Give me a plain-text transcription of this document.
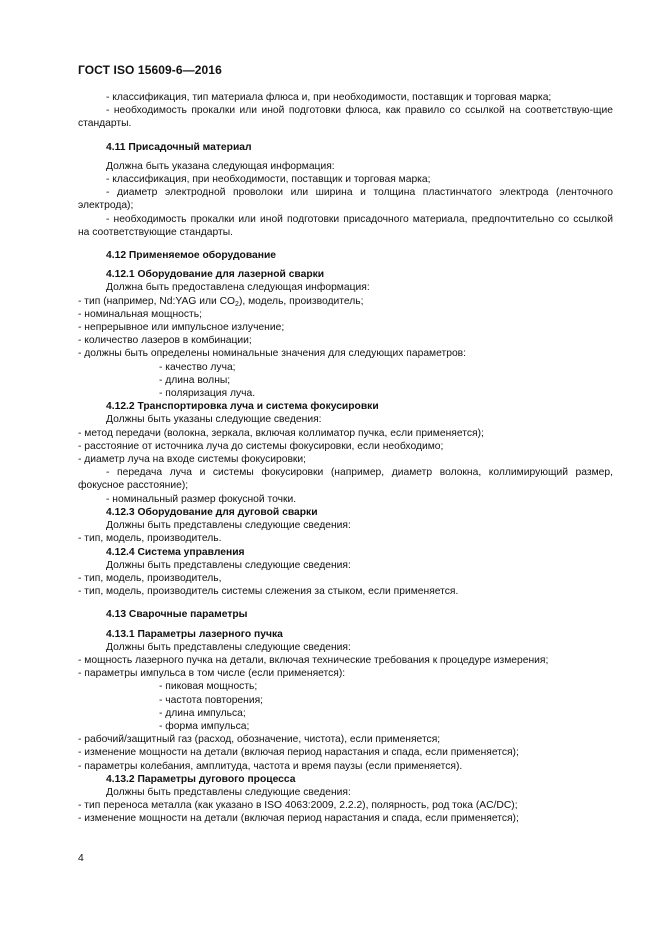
ГОСТ ISO 15609-6—2016

- классификация, тип материала флюса и, при необходимости, поставщик и торговая марка;

- необходимость прокалки или иной подготовки флюса, как правило со ссылкой на соответствую-щие стандарты.

4.11 Присадочный материал

Должна быть указана следующая информация:

- классификация, при необходимости, поставщик и торговая марка;

- диаметр электродной проволоки или ширина и толщина пластинчатого электрода (ленточного электрода);

- необходимость прокалки или иной подготовки присадочного материала, предпочтительно со ссылкой на соответствующие стандарты.

4.12 Применяемое оборудование

4.12.1 Оборудование для лазерной сварки

Должна быть предоставлена следующая информация:

- тип (например, Nd:YAG или $CO_2$), модель, производитель;

- номинальная мощность;

- непрерывное или импульсное излучение;

- количество лазеров в комбинации;

- должны быть определены номинальные значения для следующих параметров:

- качество луча;

- длина волны;

- поляризация луча.

4.12.2 Транспортировка луча и система фокусировки

Должны быть указаны следующие сведения:

- метод передачи (волокна, зеркала, включая коллиматор пучка, если применяется);

- расстояние от источника луча до системы фокусировки, если необходимо;

- диаметр луча на входе системы фокусировки;

- передача луча и системы фокусировки (например, диаметр волокна, коллимирующий размер, фокусное расстояние);

- номинальный размер фокусной точки.

4.12.3 Оборудование для дуговой сварки

Должны быть представлены следующие сведения:

- тип, модель, производитель.

4.12.4 Система управления

Должны быть представлены следующие сведения:

- тип, модель, производитель,

- тип, модель, производитель системы слежения за стыком, если применяется.

4.13 Сварочные параметры

4.13.1 Параметры лазерного пучка

Должны быть представлены следующие сведения:

- мощность лазерного пучка на детали, включая технические требования к процедуре измерения;

- параметры импульса в том числе (если применяется):

- пиковая мощность;

- частота повторения;

- длина импульса;

- форма импульса;

- рабочий/защитный газ (расход, обозначение, чистота), если применяется;

- изменение мощности на детали (включая период нарастания и спада, если применяется);

- параметры колебания, амплитуда, частота и время паузы (если применяется).

4.13.2 Параметры дугового процесса

Должны быть представлены следующие сведения:

- тип переноса металла (как указано в ISO 4063:2009, 2.2.2), полярность, род тока (AC/DC);

- изменение мощности на детали (включая период нарастания и спада, если применяется);

4
